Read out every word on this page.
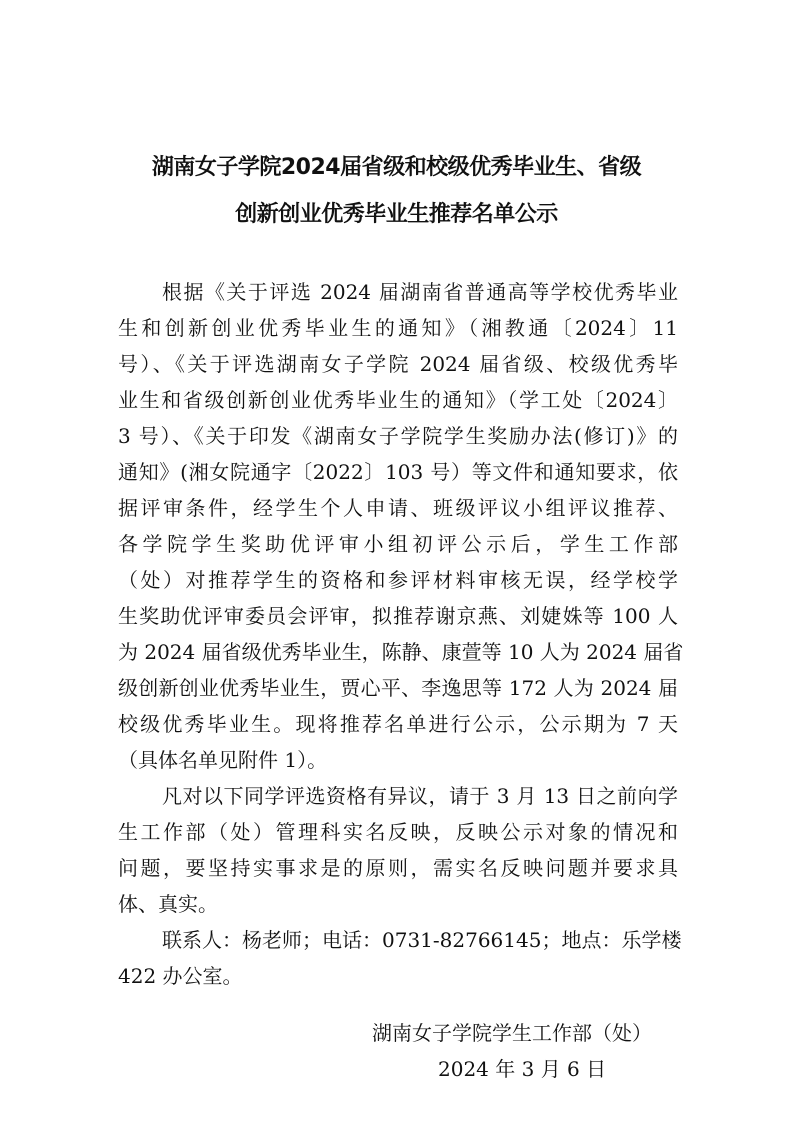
湖南女子学院2024届省级和校级优秀毕业生、省级
创新创业优秀毕业生推荐名单公示
根据《关于评选 2024 届湖南省普通高等学校优秀毕业
生和创新创业优秀毕业生的通知》（湘教通〔2024〕11
号）、《关于评选湖南女子学院 2024 届省级、校级优秀毕
业生和省级创新创业优秀毕业生的通知》（学工处〔2024〕
3 号）、《关于印发《湖南女子学院学生奖励办法(修订)》的
通知》(湘女院通字〔2022〕103 号）等文件和通知要求，依
据评审条件，经学生个人申请、班级评议小组评议推荐、
各学院学生奖助优评审小组初评公示后，学生工作部
（处）对推荐学生的资格和参评材料审核无误，经学校学
生奖助优评审委员会评审，拟推荐谢京燕、刘婕姝等 100 人
为 2024 届省级优秀毕业生，陈静、康萱等 10 人为 2024 届省
级创新创业优秀毕业生，贾心平、李逸思等 172 人为 2024 届
校级优秀毕业生。现将推荐名单进行公示，公示期为 7 天
（具体名单见附件 1）。
凡对以下同学评选资格有异议，请于 3 月 13 日之前向学
生工作部（处）管理科实名反映，反映公示对象的情况和
问题，要坚持实事求是的原则，需实名反映问题并要求具
体、真实。
联系人：杨老师；电话：0731-82766145；地点：乐学楼
422 办公室。
湖南女子学院学生工作部（处）
2024 年 3 月 6 日
